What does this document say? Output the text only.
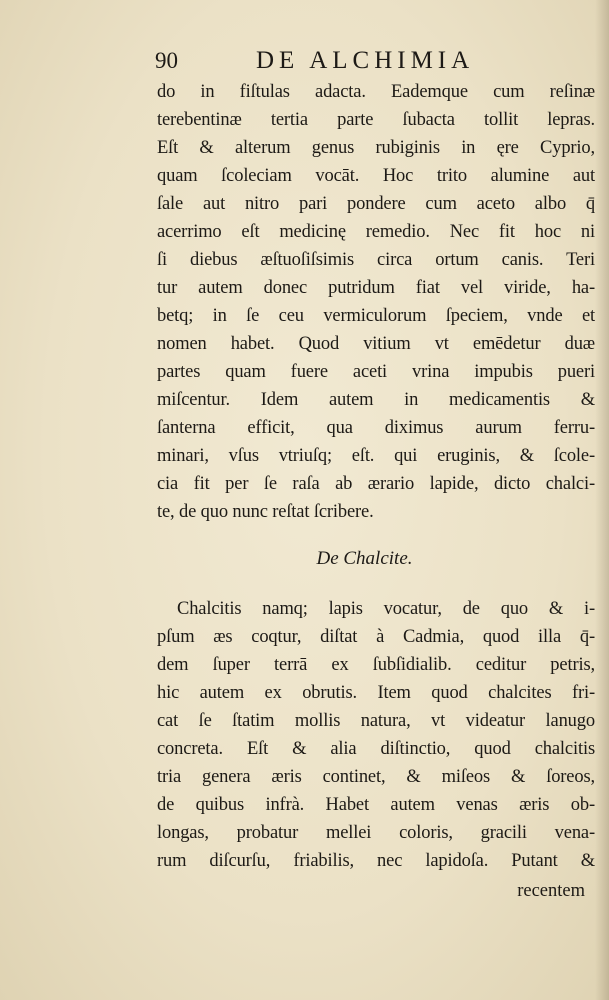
90	DE ALCHIMIA
do in fiſtulas adacta. Eademque cum reſinæ
terebentinæ tertia parte ſubacta tollit lepras.
Eſt & alterum genus rubiginis in ęre Cyprio,
quam ſcoleciam vocāt. Hoc trito alumine aut
ſale aut nitro pari pondere cum aceto albo q̄
acerrimo eſt medicinę remedio. Nec fit hoc ni
ſi diebus æſtuoſiſsimis circa ortum canis. Teri
tur autem donec putridum fiat vel viride, ha-
betq; in ſe ceu vermiculorum ſpeciem, vnde et
nomen habet. Quod vitium vt emēdetur duæ
partes quam fuere aceti vrina impubis pueri
miſcentur. Idem autem in medicamentis &
ſanterna efficit, qua diximus aurum ferru-
minari, vſus vtriuſq; eſt. qui eruginis, & ſcole-
cia fit per ſe raſa ab ærario lapide, dicto chalci-
te, de quo nunc reſtat ſcribere.
De Chalcite.
Chalcitis namq; lapis vocatur, de quo & i-
pſum æs coqtur, diſtat à Cadmia, quod illa q̄-
dem ſuper terrā ex ſubſidialib. ceditur petris,
hic autem ex obrutis. Item quod chalcites fri-
cat ſe ſtatim mollis natura, vt videatur lanugo
concreta. Eſt & alia diſtinctio, quod chalcitis
tria genera æris continet, & miſeos & ſoreos,
de quibus infrà. Habet autem venas æris ob-
longas, probatur mellei coloris, gracili vena-
rum diſcurſu, friabilis, nec lapidoſa. Putant &
recentem
